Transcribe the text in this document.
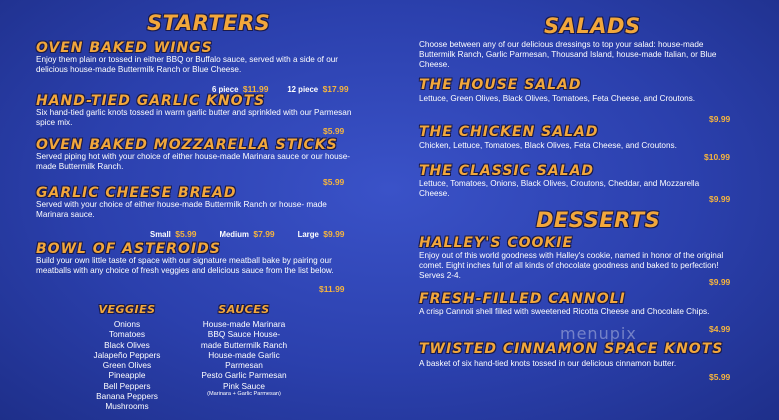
STARTERS
OVEN BAKED WINGS
Enjoy them plain or tossed in either BBQ or Buffalo sauce, served with a side of our delicious house-made Buttermilk Ranch or Blue Cheese.
6 piece $11.99 12 piece $17.99
HAND-TIED GARLIC KNOTS
Six hand-tied garlic knots tossed in warm garlic butter and sprinkled with our Parmesan spice mix.
$5.99
OVEN BAKED MOZZARELLA STICKS
Served piping hot with your choice of either house-made Marinara sauce or our house-made Buttermilk Ranch.
$5.99
GARLIC CHEESE BREAD
Served with your choice of either house-made Buttermilk Ranch or house- made Marinara sauce.
Small $5.99	Medium $7.99	Large $9.99
BOWL OF ASTEROIDS
Build your own little taste of space with our signature meatball bake by pairing our meatballs with any choice of fresh veggies and delicious sauce from the list below.
$11.99
VEGGIES
Onions
Tomatoes
Black Olives
Jalapeño Peppers
Green Olives
Pineapple
Bell Peppers
Banana Peppers
Mushrooms
SAUCES
House-made Marinara
BBQ Sauce House-
made Buttermilk Ranch
House-made Garlic
Parmesan
Pesto Garlic Parmesan
Pink Sauce
(Marinara + Garlic Parmesan)
SALADS
Choose between any of our delicious dressings to top your salad: house-made Buttermilk Ranch, Garlic Parmesan, Thousand Island, house-made Italian, or Blue Cheese.
THE HOUSE SALAD
Lettuce, Green Olives, Black Olives, Tomatoes, Feta Cheese, and Croutons.
$9.99
THE CHICKEN SALAD
Chicken, Lettuce, Tomatoes, Black Olives, Feta Cheese, and Croutons.
$10.99
THE CLASSIC SALAD
Lettuce, Tomatoes, Onions, Black Olives, Croutons, Cheddar, and Mozzarella Cheese.
$9.99
DESSERTS
HALLEY'S COOKIE
Enjoy out of this world goodness with Halley's cookie, named in honor of the original comet. Eight inches full of all kinds of chocolate goodness and baked to perfection! Serves 2-4.
$9.99
FRESH-FILLED CANNOLI
A crisp Cannoli shell filled with sweetened Ricotta Cheese and Chocolate Chips.
$4.99
TWISTED CINNAMON SPACE KNOTS
A basket of six hand-tied knots tossed in our delicious cinnamon butter.
$5.99
menupix
